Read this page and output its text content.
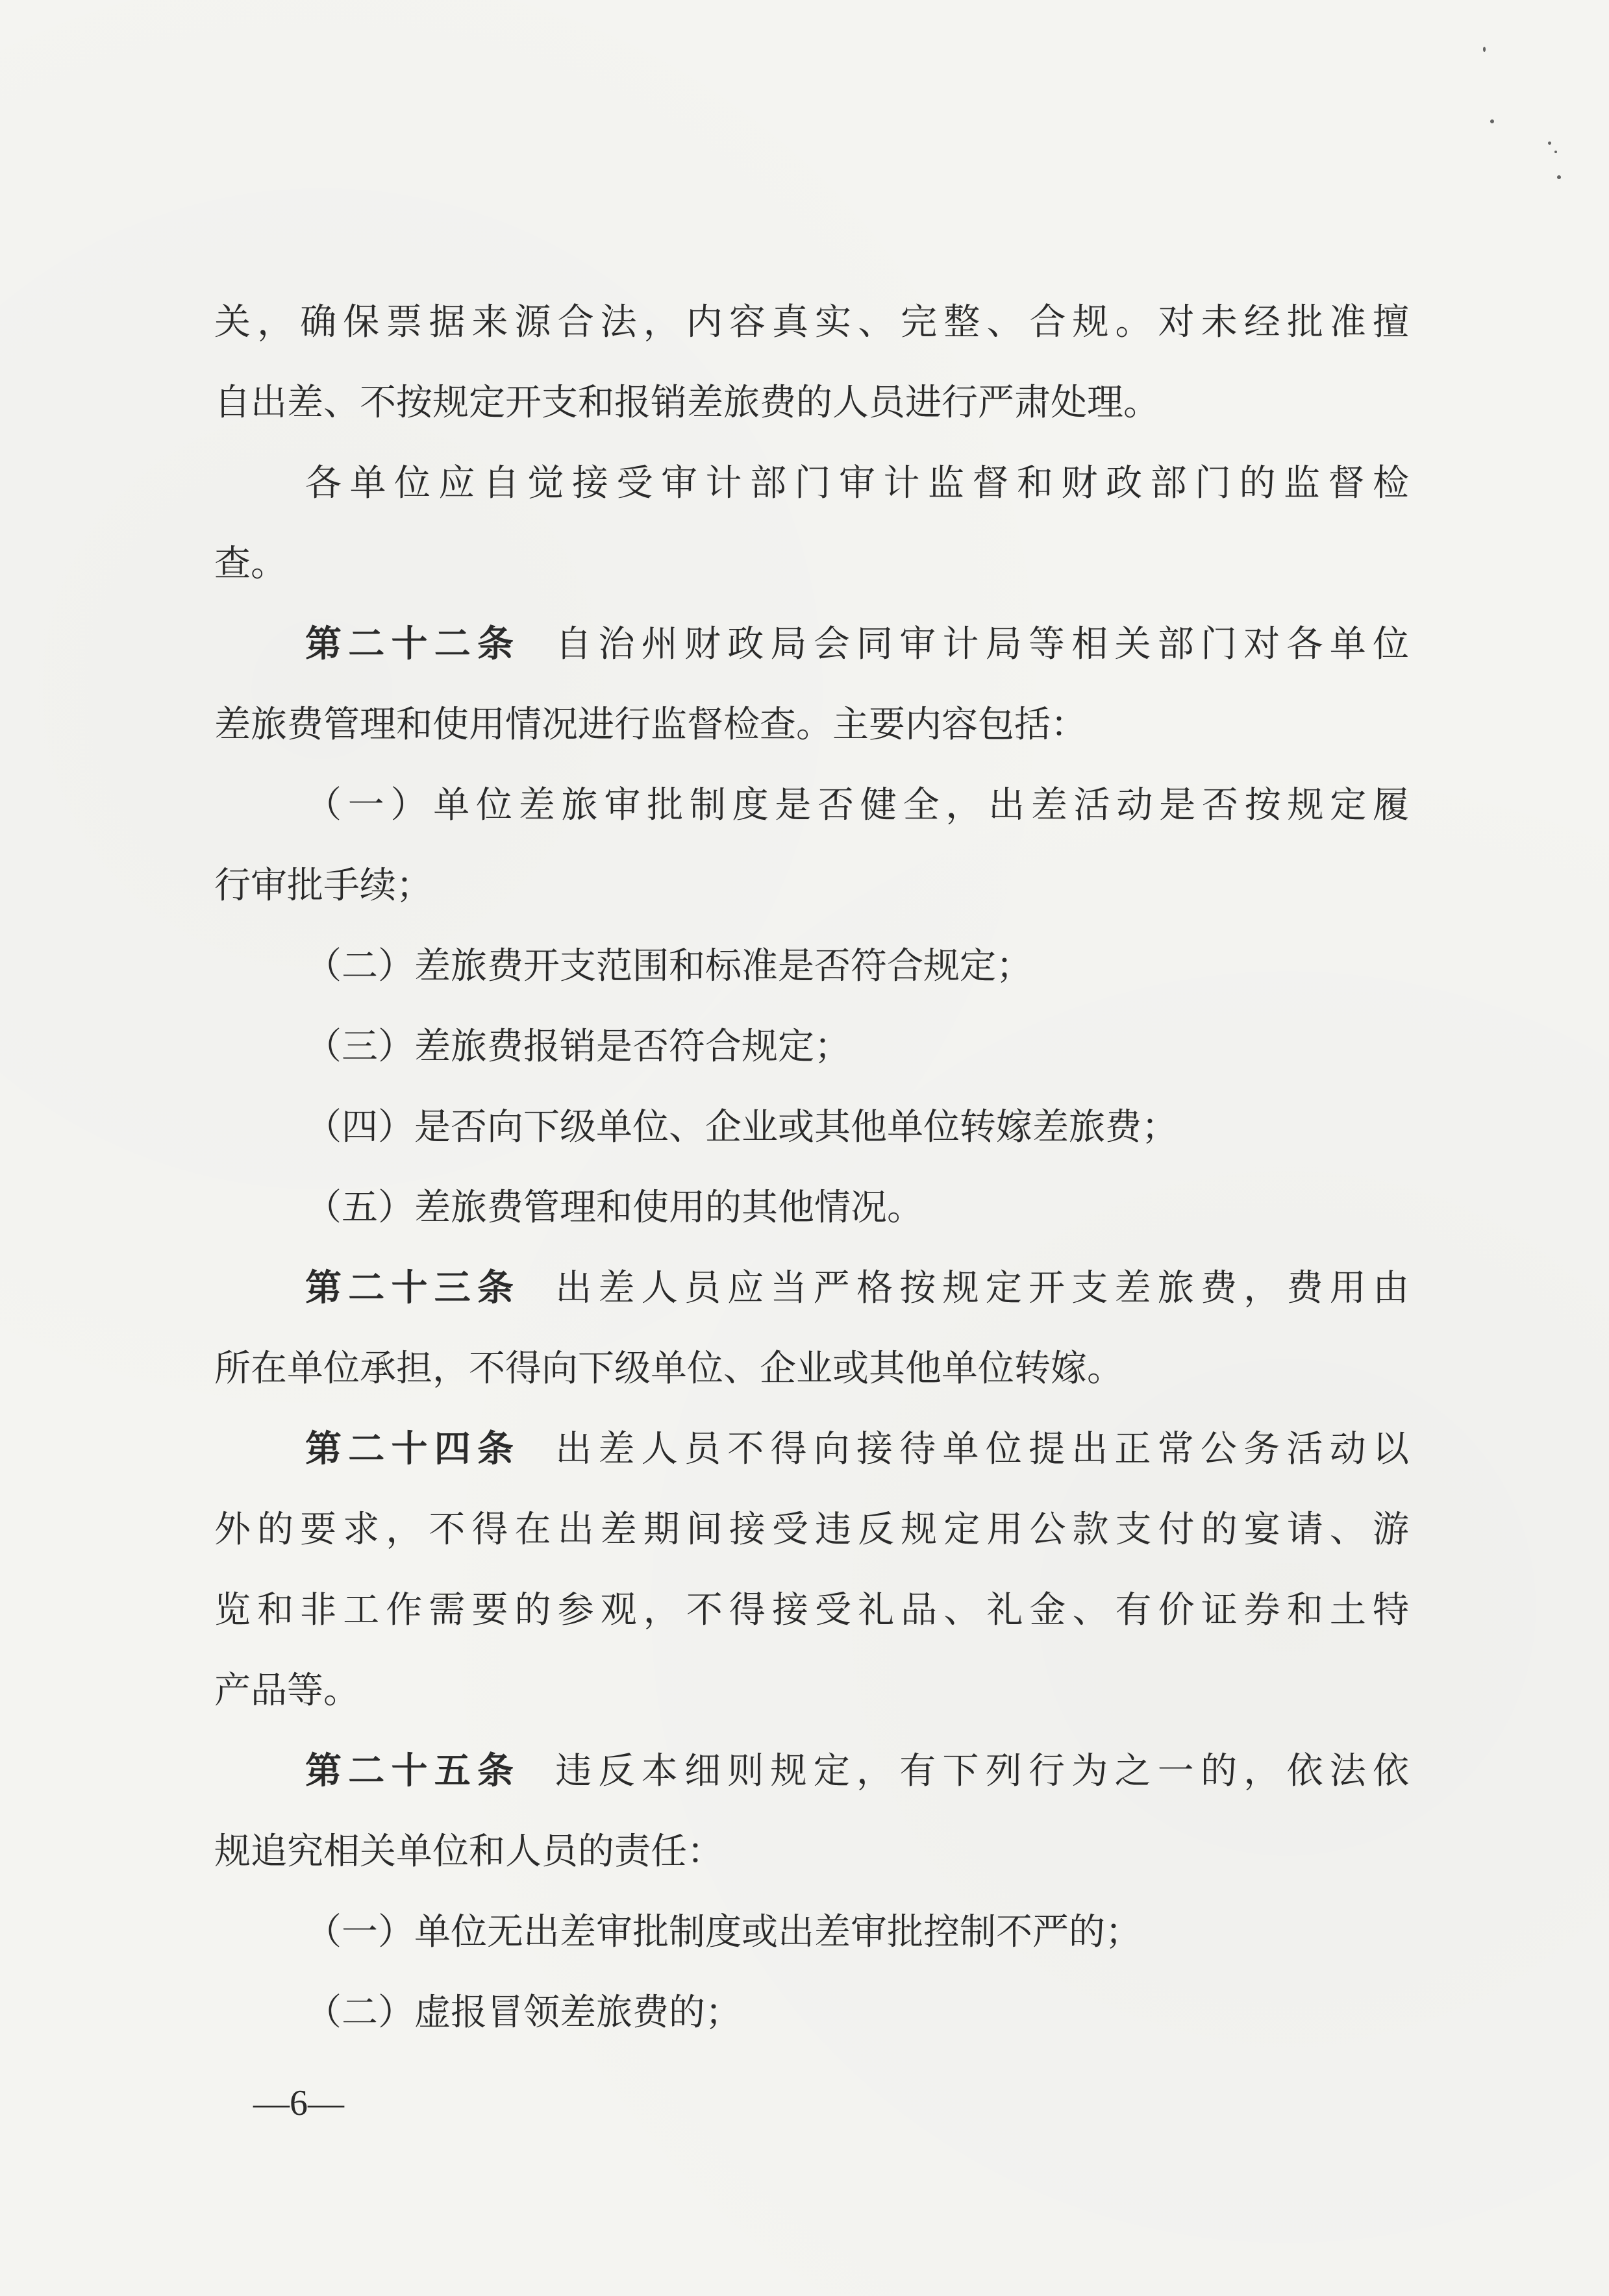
关，确保票据来源合法，内容真实、完整、合规。对未经批准擅
自出差、不按规定开支和报销差旅费的人员进行严肃处理。
各单位应自觉接受审计部门审计监督和财政部门的监督检
查。
第二十二条 自治州财政局会同审计局等相关部门对各单位
差旅费管理和使用情况进行监督检查。主要内容包括：
（一）单位差旅审批制度是否健全，出差活动是否按规定履
行审批手续；
（二）差旅费开支范围和标准是否符合规定；
（三）差旅费报销是否符合规定；
（四）是否向下级单位、企业或其他单位转嫁差旅费；
（五）差旅费管理和使用的其他情况。
第二十三条 出差人员应当严格按规定开支差旅费，费用由
所在单位承担，不得向下级单位、企业或其他单位转嫁。
第二十四条 出差人员不得向接待单位提出正常公务活动以
外的要求，不得在出差期间接受违反规定用公款支付的宴请、游
览和非工作需要的参观，不得接受礼品、礼金、有价证券和土特
产品等。
第二十五条 违反本细则规定，有下列行为之一的，依法依
规追究相关单位和人员的责任：
（一）单位无出差审批制度或出差审批控制不严的；
（二）虚报冒领差旅费的；
—6—
